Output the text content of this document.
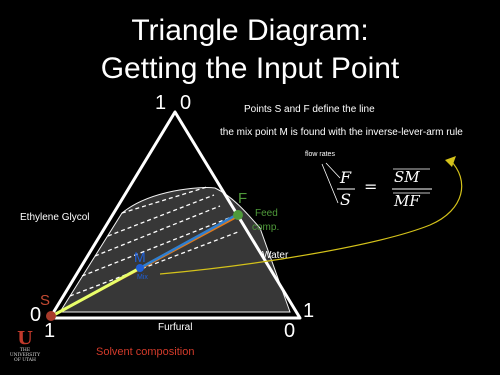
Triangle Diagram:
Getting the Input Point
1 0
1
0
0
1
Ethylene Glycol
Water
Furfural
S
F
M
Mix
Feed
comp.
Solvent composition
Points S and F define the line
the mix point M is found with the inverse-lever-arm rule
flow rates
F
S
= SM
MF
U
THE
UNIVERSITY
OF UTAH
